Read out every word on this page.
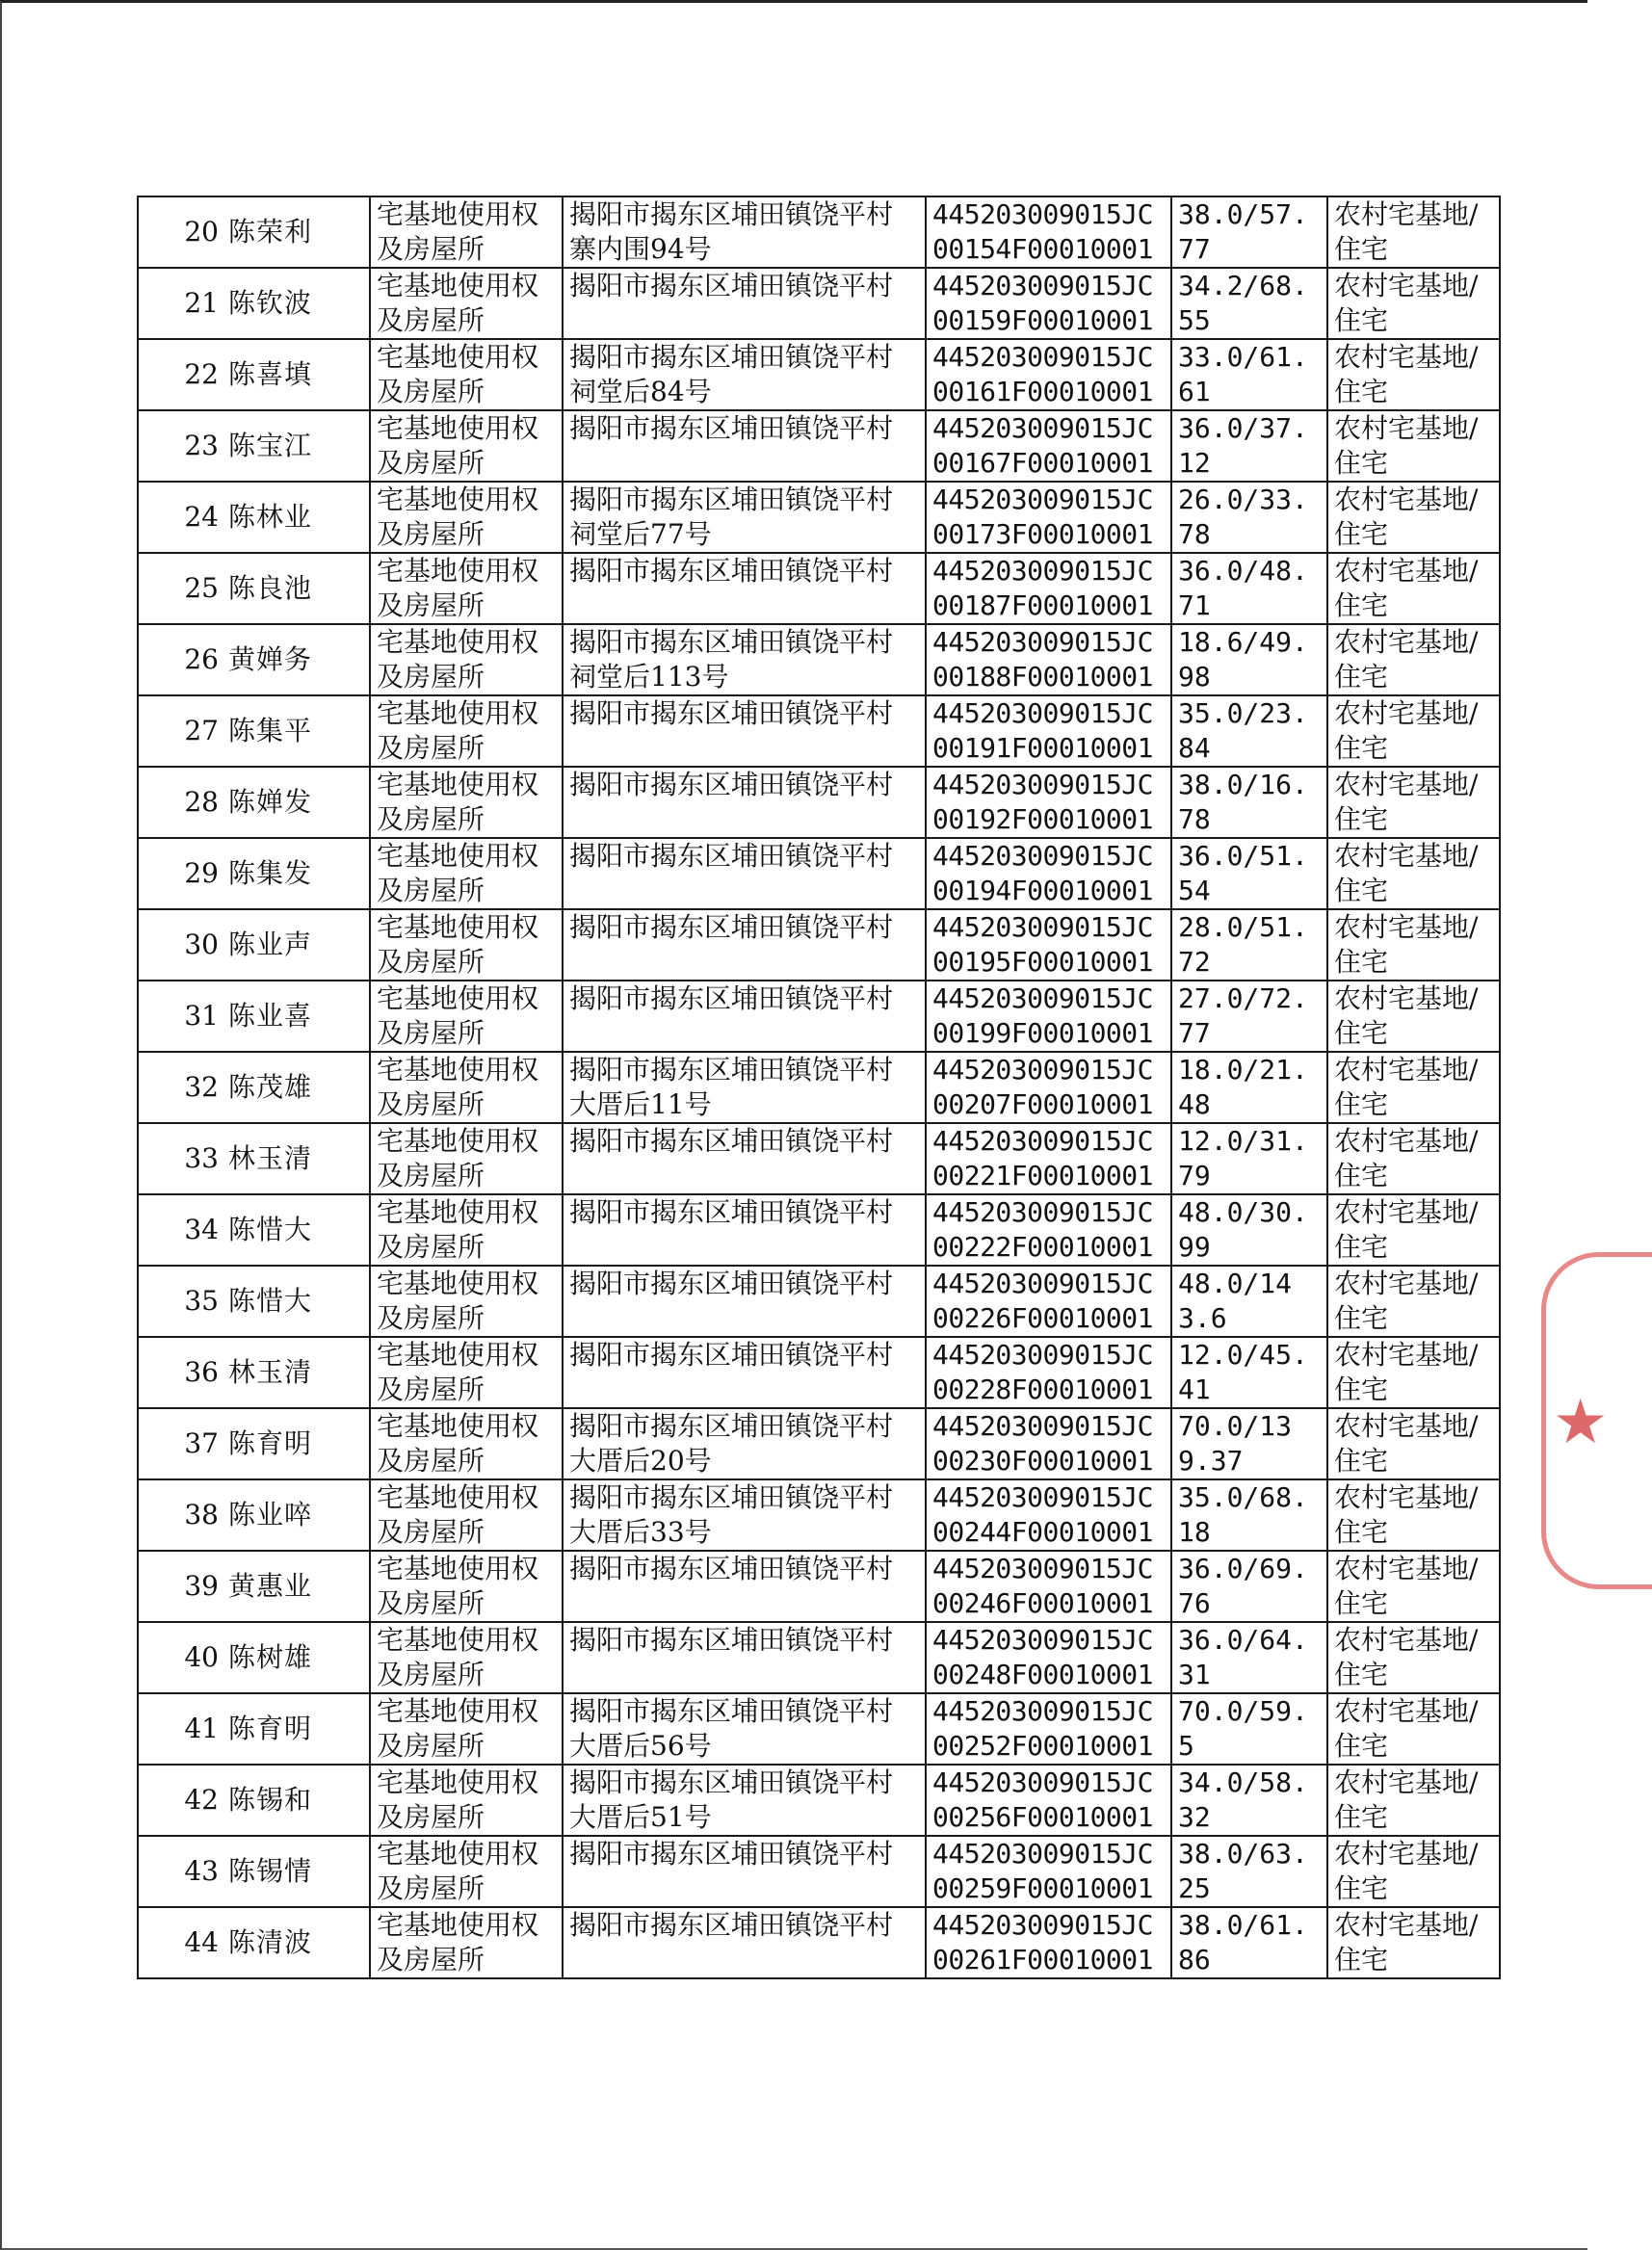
20	陈荣利	宅基地使用权及房屋所	揭阳市揭东区埔田镇饶平村寨内围94号	445203009015JC00154F00010001	38.0/57.77	农村宅基地/住宅
21	陈钦波	宅基地使用权及房屋所	揭阳市揭东区埔田镇饶平村	445203009015JC00159F00010001	34.2/68.55	农村宅基地/住宅
22	陈喜填	宅基地使用权及房屋所	揭阳市揭东区埔田镇饶平村祠堂后84号	445203009015JC00161F00010001	33.0/61.61	农村宅基地/住宅
23	陈宝江	宅基地使用权及房屋所	揭阳市揭东区埔田镇饶平村	445203009015JC00167F00010001	36.0/37.12	农村宅基地/住宅
24	陈林业	宅基地使用权及房屋所	揭阳市揭东区埔田镇饶平村祠堂后77号	445203009015JC00173F00010001	26.0/33.78	农村宅基地/住宅
25	陈良池	宅基地使用权及房屋所	揭阳市揭东区埔田镇饶平村	445203009015JC00187F00010001	36.0/48.71	农村宅基地/住宅
26	黄婵务	宅基地使用权及房屋所	揭阳市揭东区埔田镇饶平村祠堂后113号	445203009015JC00188F00010001	18.6/49.98	农村宅基地/住宅
27	陈集平	宅基地使用权及房屋所	揭阳市揭东区埔田镇饶平村	445203009015JC00191F00010001	35.0/23.84	农村宅基地/住宅
28	陈婵发	宅基地使用权及房屋所	揭阳市揭东区埔田镇饶平村	445203009015JC00192F00010001	38.0/16.78	农村宅基地/住宅
29	陈集发	宅基地使用权及房屋所	揭阳市揭东区埔田镇饶平村	445203009015JC00194F00010001	36.0/51.54	农村宅基地/住宅
30	陈业声	宅基地使用权及房屋所	揭阳市揭东区埔田镇饶平村	445203009015JC00195F00010001	28.0/51.72	农村宅基地/住宅
31	陈业喜	宅基地使用权及房屋所	揭阳市揭东区埔田镇饶平村	445203009015JC00199F00010001	27.0/72.77	农村宅基地/住宅
32	陈茂雄	宅基地使用权及房屋所	揭阳市揭东区埔田镇饶平村大厝后11号	445203009015JC00207F00010001	18.0/21.48	农村宅基地/住宅
33	林玉清	宅基地使用权及房屋所	揭阳市揭东区埔田镇饶平村	445203009015JC00221F00010001	12.0/31.79	农村宅基地/住宅
34	陈惜大	宅基地使用权及房屋所	揭阳市揭东区埔田镇饶平村	445203009015JC00222F00010001	48.0/30.99	农村宅基地/住宅
35	陈惜大	宅基地使用权及房屋所	揭阳市揭东区埔田镇饶平村	445203009015JC00226F00010001	48.0/143.6	农村宅基地/住宅
36	林玉清	宅基地使用权及房屋所	揭阳市揭东区埔田镇饶平村	445203009015JC00228F00010001	12.0/45.41	农村宅基地/住宅
37	陈育明	宅基地使用权及房屋所	揭阳市揭东区埔田镇饶平村大厝后20号	445203009015JC00230F00010001	70.0/139.37	农村宅基地/住宅
38	陈业啐	宅基地使用权及房屋所	揭阳市揭东区埔田镇饶平村大厝后33号	445203009015JC00244F00010001	35.0/68.18	农村宅基地/住宅
39	黄惠业	宅基地使用权及房屋所	揭阳市揭东区埔田镇饶平村	445203009015JC00246F00010001	36.0/69.76	农村宅基地/住宅
40	陈树雄	宅基地使用权及房屋所	揭阳市揭东区埔田镇饶平村	445203009015JC00248F00010001	36.0/64.31	农村宅基地/住宅
41	陈育明	宅基地使用权及房屋所	揭阳市揭东区埔田镇饶平村大厝后56号	445203009015JC00252F00010001	70.0/59.5	农村宅基地/住宅
42	陈锡和	宅基地使用权及房屋所	揭阳市揭东区埔田镇饶平村大厝后51号	445203009015JC00256F00010001	34.0/58.32	农村宅基地/住宅
43	陈锡情	宅基地使用权及房屋所	揭阳市揭东区埔田镇饶平村	445203009015JC00259F00010001	38.0/63.25	农村宅基地/住宅
44	陈清波	宅基地使用权及房屋所	揭阳市揭东区埔田镇饶平村	445203009015JC00261F00010001	38.0/61.86	农村宅基地/住宅
★
